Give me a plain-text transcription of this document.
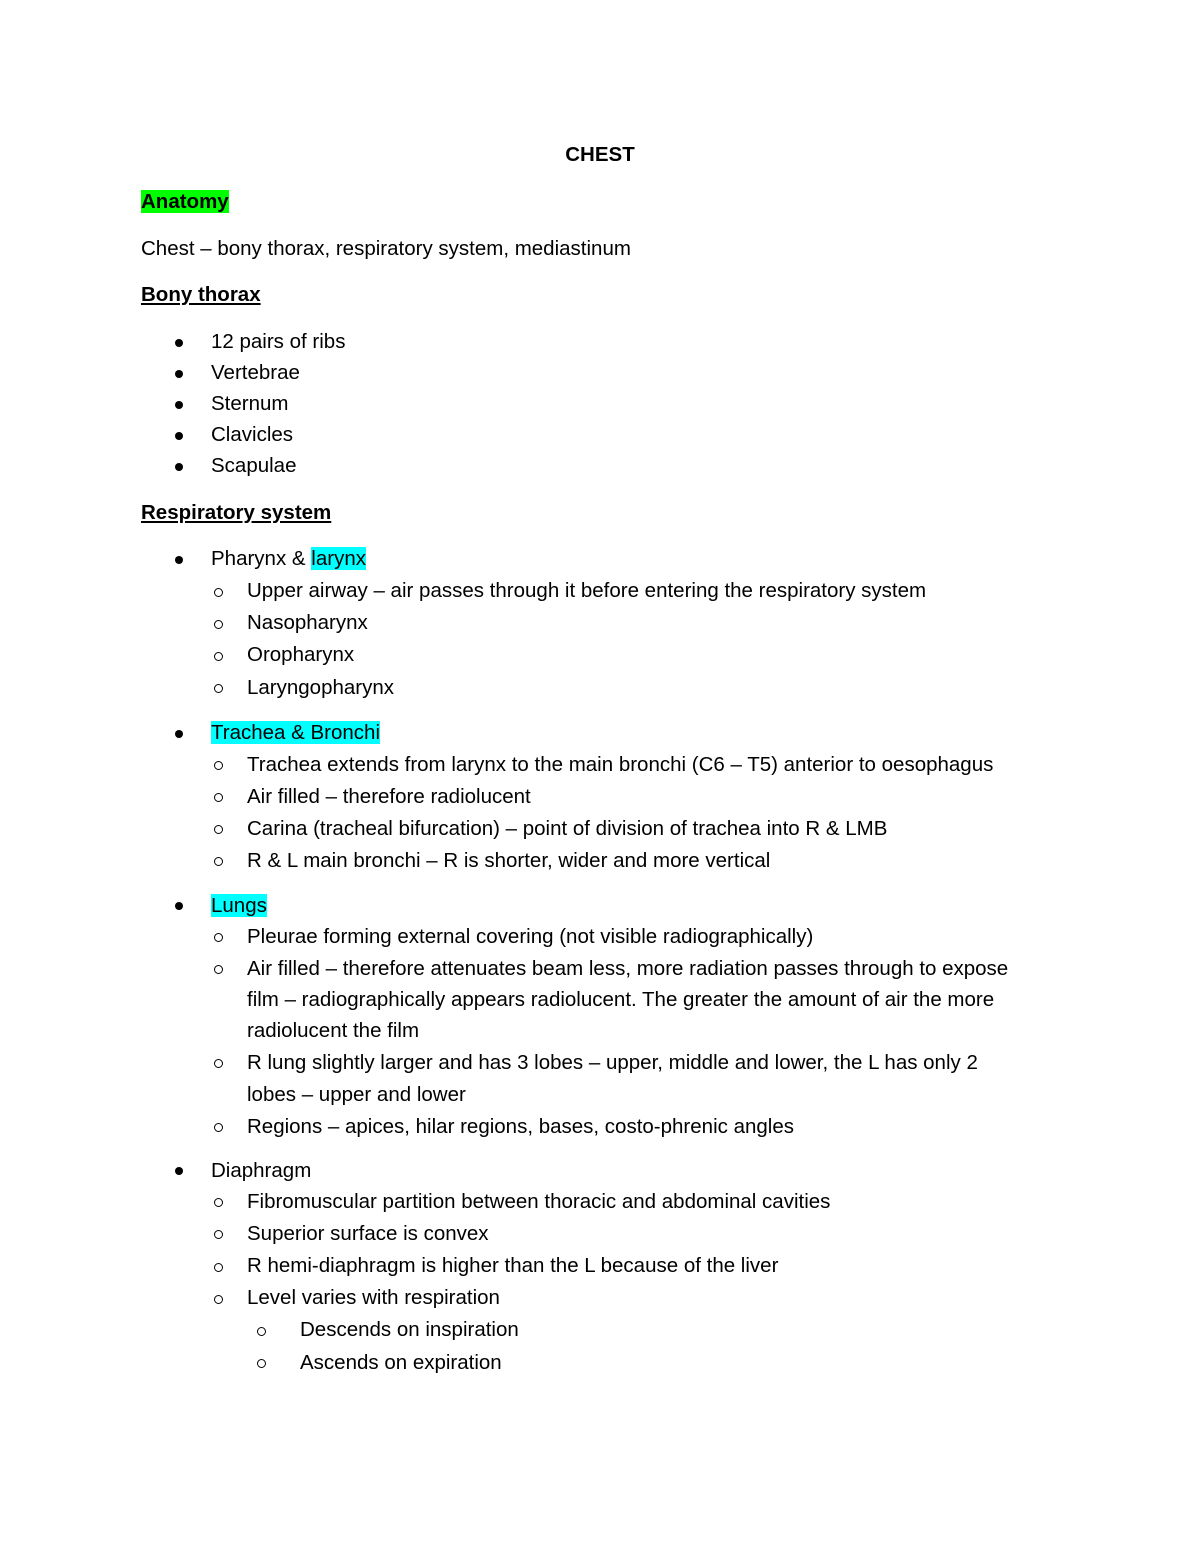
CHEST
Anatomy
Chest – bony thorax, respiratory system, mediastinum
Bony thorax
12 pairs of ribs
Vertebrae
Sternum
Clavicles
Scapulae
Respiratory system
Pharynx & larynx
Upper airway – air passes through it before entering the respiratory system
Nasopharynx
Oropharynx
Laryngopharynx
Trachea & Bronchi
Trachea extends from larynx to the main bronchi (C6 – T5) anterior to oesophagus
Air filled – therefore radiolucent
Carina (tracheal bifurcation) – point of division of trachea into R & LMB
R & L main bronchi – R is shorter, wider and more vertical
Lungs
Pleurae forming external covering (not visible radiographically)
Air filled – therefore attenuates beam less, more radiation passes through to expose
film – radiographically appears radiolucent. The greater the amount of air the more
radiolucent the film
R lung slightly larger and has 3 lobes – upper, middle and lower, the L has only 2
lobes – upper and lower
Regions – apices, hilar regions, bases, costo-phrenic angles
Diaphragm
Fibromuscular partition between thoracic and abdominal cavities
Superior surface is convex
R hemi-diaphragm is higher than the L because of the liver
Level varies with respiration
Descends on inspiration
Ascends on expiration
